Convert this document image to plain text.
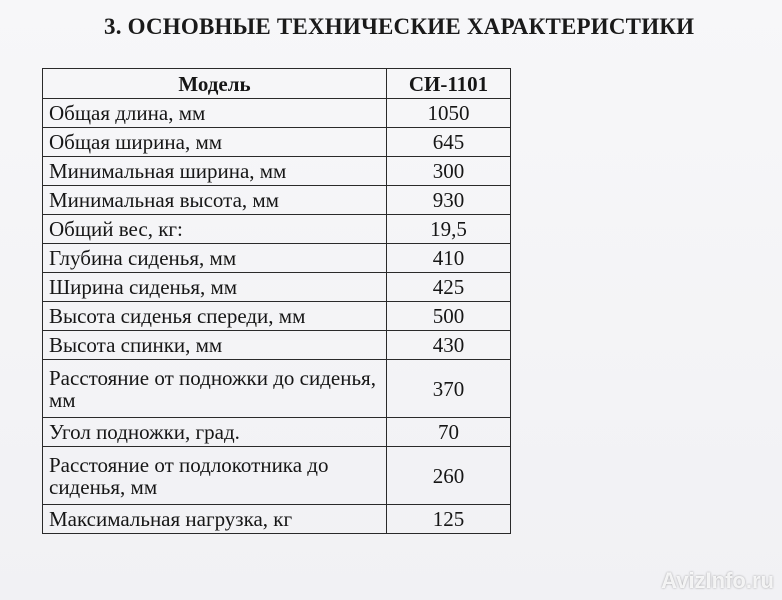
3. ОСНОВНЫЕ ТЕХНИЧЕСКИЕ ХАРАКТЕРИСТИКИ
Модель	СИ-1101
Общая длина, мм	1050
Общая ширина, мм	645
Минимальная ширина, мм	300
Минимальная высота, мм	930
Общий вес, кг:	19,5
Глубина сиденья, мм	410
Ширина сиденья, мм	425
Высота сиденья спереди, мм	500
Высота спинки, мм	430
Расстояние от подножки до сиденья, мм	370
Угол подножки, град.	70
Расстояние от подлокотника до сиденья, мм	260
Максимальная нагрузка, кг	125
AvizInfo.ru
